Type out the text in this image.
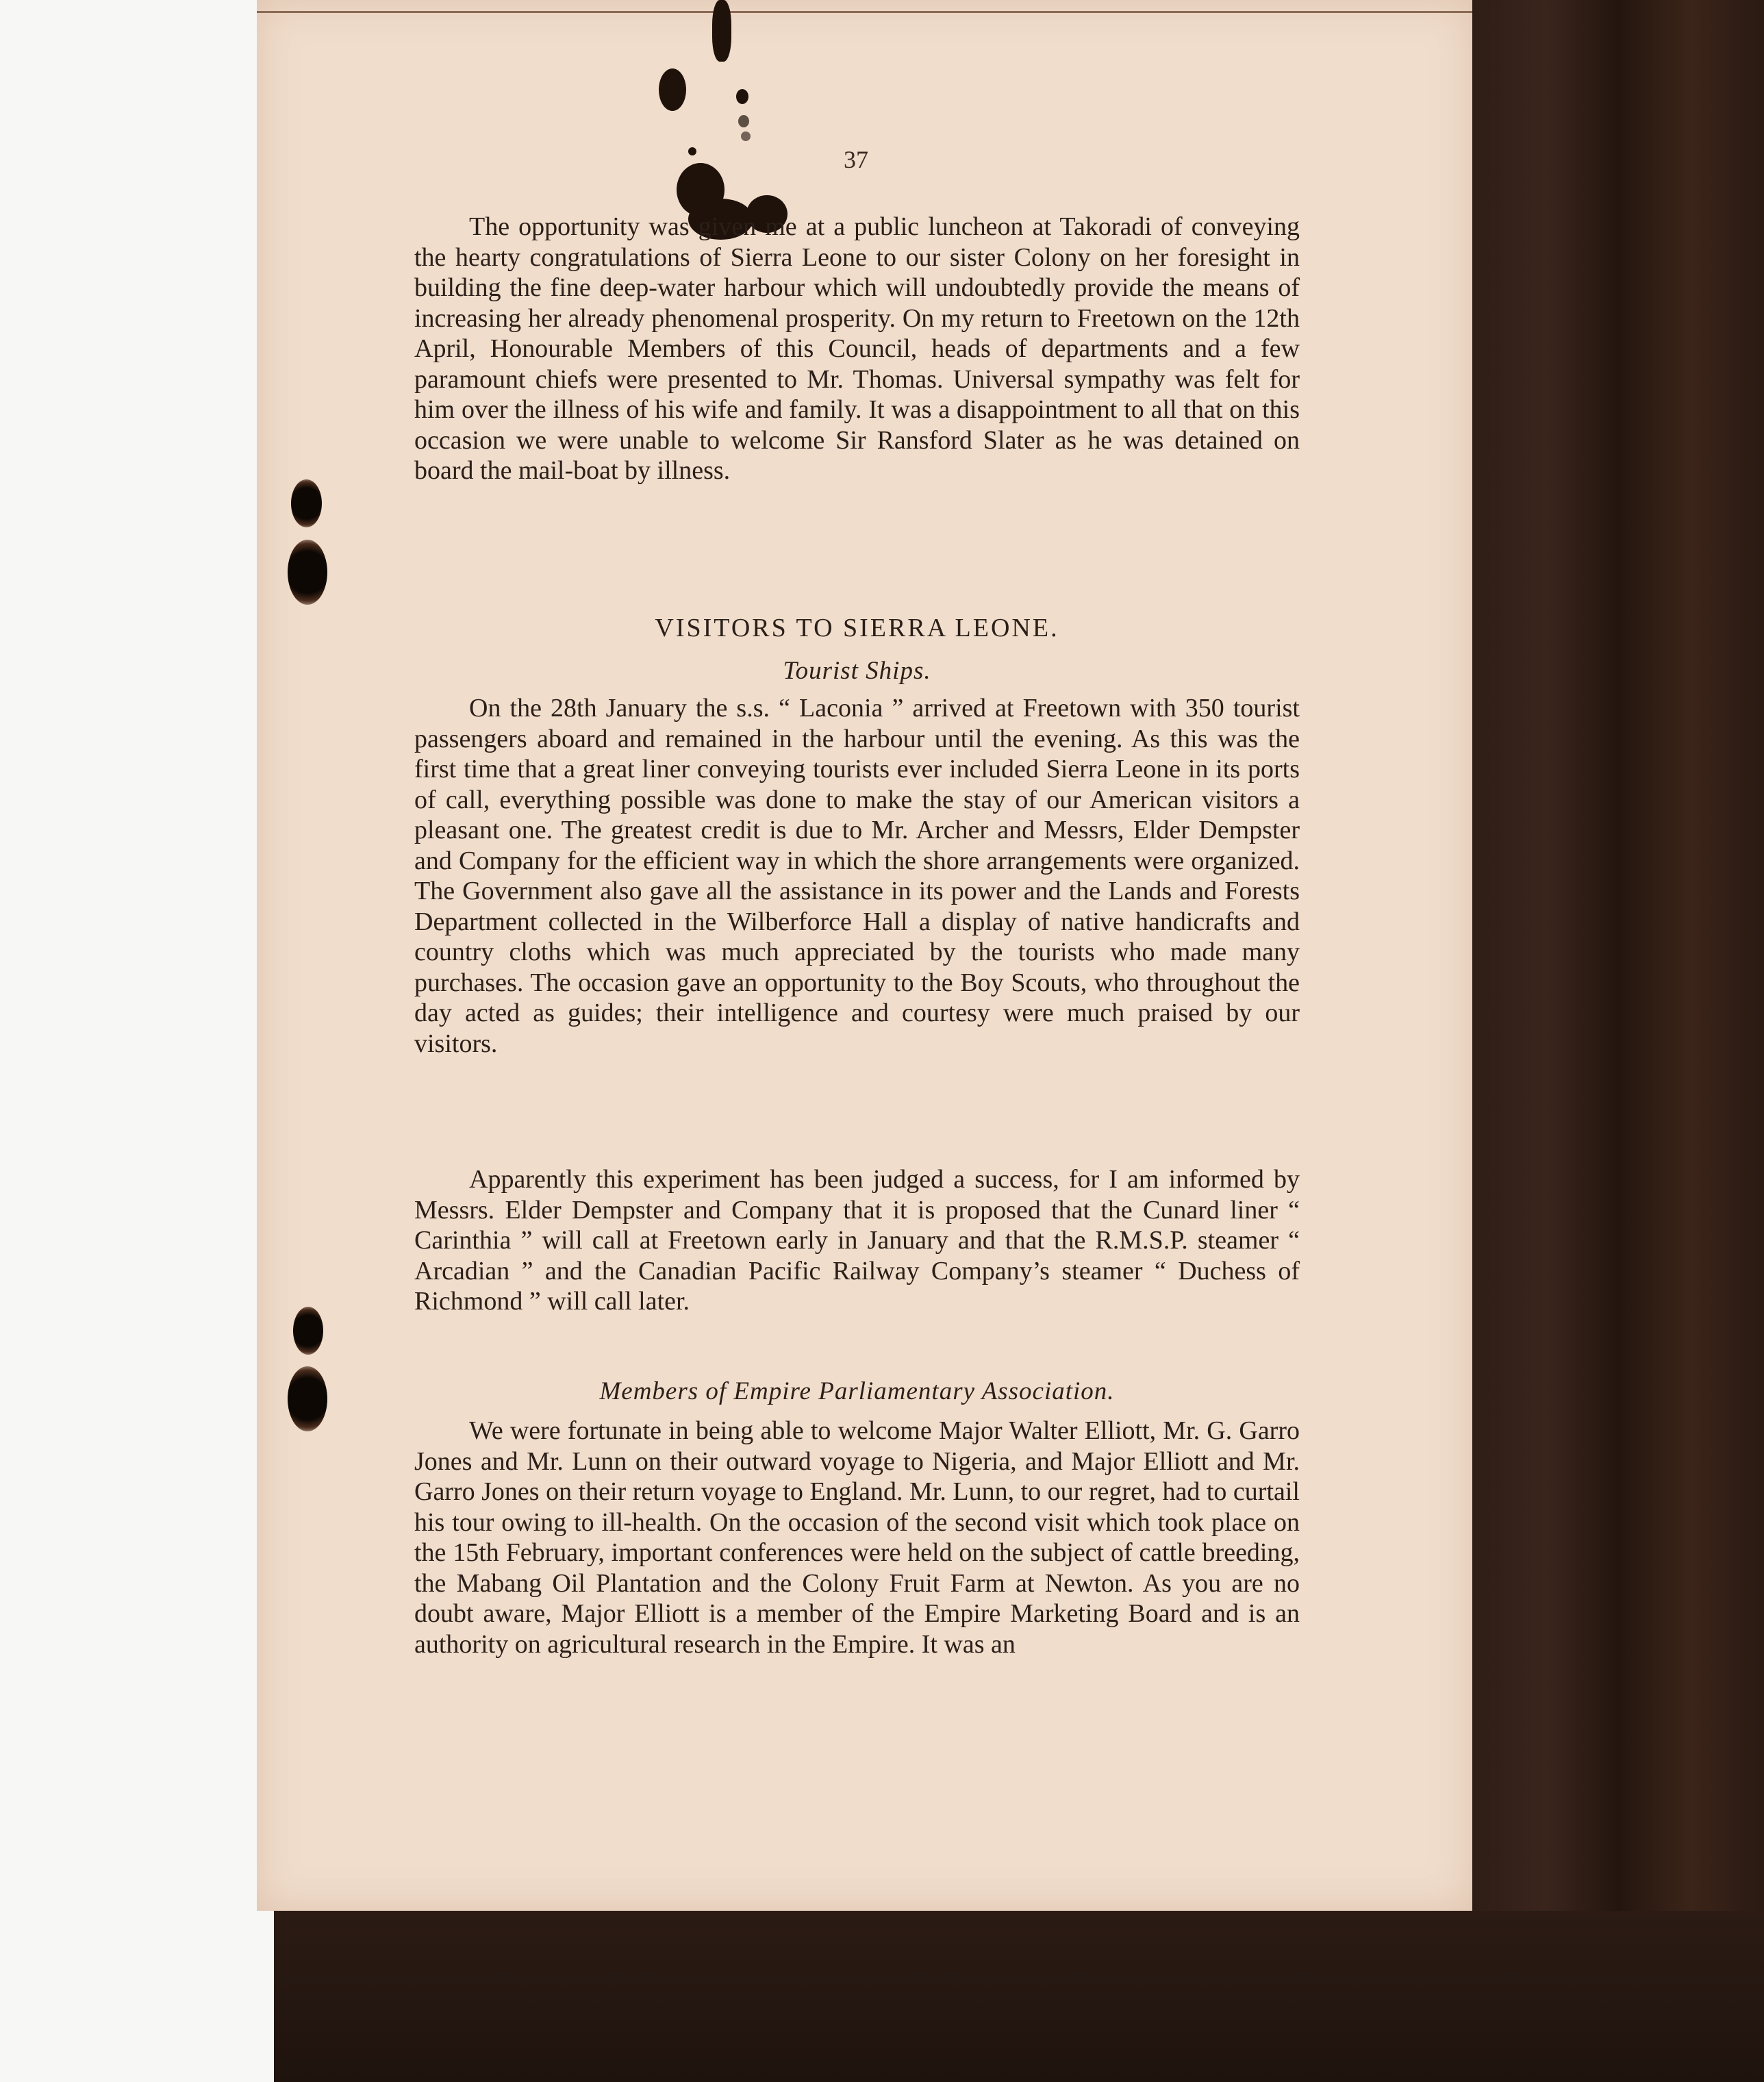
37

The opportunity was given me at a public luncheon at Takoradi of conveying the hearty congratulations of Sierra Leone to our sister Colony on her foresight in building the fine deep-water harbour which will undoubtedly provide the means of increasing her already phenomenal prosperity. On my return to Freetown on the 12th April, Honourable Members of this Council, heads of departments and a few paramount chiefs were presented to Mr. Thomas. Universal sympathy was felt for him over the illness of his wife and family. It was a disappointment to all that on this occasion we were unable to welcome Sir Ransford Slater as he was detained on board the mail-boat by illness.

VISITORS TO SIERRA LEONE.
Tourist Ships.

On the 28th January the s.s. “ Laconia ” arrived at Freetown with 350 tourist passengers aboard and remained in the harbour until the evening. As this was the first time that a great liner conveying tourists ever included Sierra Leone in its ports of call, everything possible was done to make the stay of our American visitors a pleasant one. The greatest credit is due to Mr. Archer and Messrs, Elder Dempster and Company for the efficient way in which the shore arrangements were organized. The Government also gave all the assistance in its power and the Lands and Forests Department collected in the Wilberforce Hall a display of native handicrafts and country cloths which was much appreciated by the tourists who made many purchases. The occasion gave an opportunity to the Boy Scouts, who throughout the day acted as guides; their intelligence and courtesy were much praised by our visitors.

Apparently this experiment has been judged a success, for I am informed by Messrs. Elder Dempster and Company that it is proposed that the Cunard liner “ Carinthia ” will call at Freetown early in January and that the R.M.S.P. steamer “ Arcadian ” and the Canadian Pacific Railway Company’s steamer “ Duchess of Richmond ” will call later.

Members of Empire Parliamentary Association.

We were fortunate in being able to welcome Major Walter Elliott, Mr. G. Garro Jones and Mr. Lunn on their outward voyage to Nigeria, and Major Elliott and Mr. Garro Jones on their return voyage to England. Mr. Lunn, to our regret, had to curtail his tour owing to ill-health. On the occasion of the second visit which took place on the 15th February, important conferences were held on the subject of cattle breeding, the Mabang Oil Plantation and the Colony Fruit Farm at Newton. As you are no doubt aware, Major Elliott is a member of the Empire Marketing Board and is an authority on agricultural research in the Empire. It was an
